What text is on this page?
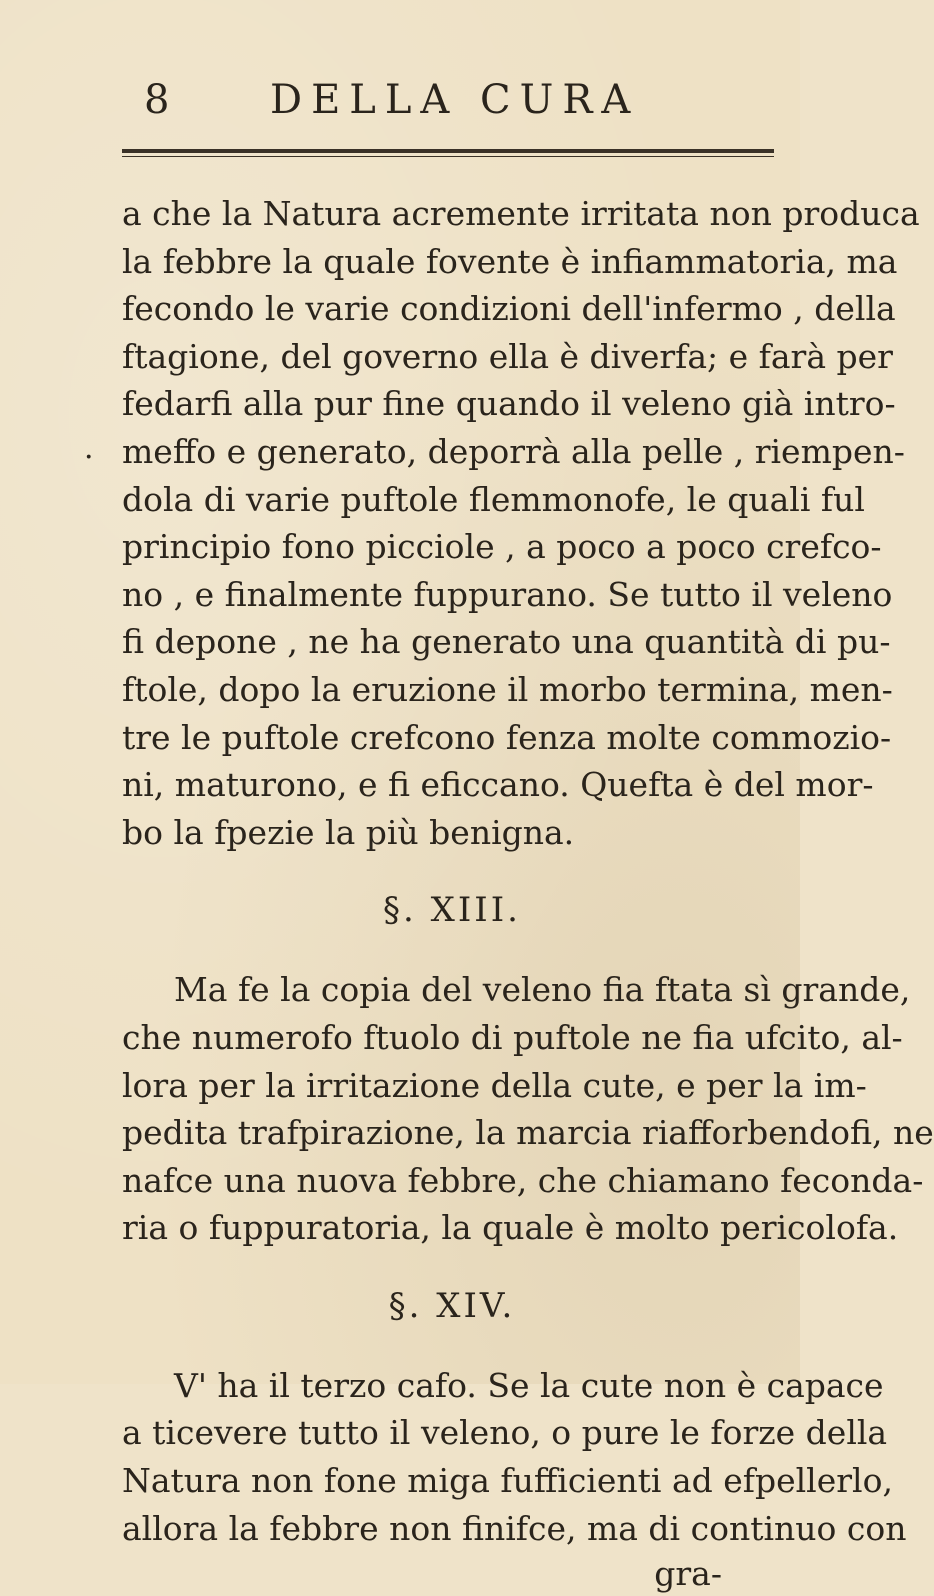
8	DELLA CURA
·
a che la Natura acremente irritata non produca
la febbre la quale fovente è infiammatoria, ma
fecondo le varie condizioni dell'infermo , della
ftagione, del governo ella è diverfa; e farà per
fedarfi alla pur fine quando il veleno già intro-
meffo e generato, deporrà alla pelle , riempen-
dola di varie puftole flemmonofe, le quali ful
principio fono picciole , a poco a poco crefco-
no , e finalmente fuppurano. Se tutto il veleno
fi depone , ne ha generato una quantità di pu-
ftole, dopo la eruzione il morbo termina, men-
tre le puftole crefcono fenza molte commozio-
ni, maturono, e fi eficcano. Quefta è del mor-
bo la fpezie la più benigna.
§. XIII.
Ma fe la copia del veleno fia ftata sì grande,
che numerofo ftuolo di puftole ne fia ufcito, al-
lora per la irritazione della cute, e per la im-
pedita trafpirazione, la marcia riafforbendofi, ne
nafce una nuova febbre, che chiamano feconda-
ria o fuppuratoria, la quale è molto pericolofa.
§. XIV.
V' ha il terzo cafo. Se la cute non è capace
a ticevere tutto il veleno, o pure le forze della
Natura non fone miga fufficienti ad efpellerlo,
allora la febbre non finifce, ma di continuo con
gra-
